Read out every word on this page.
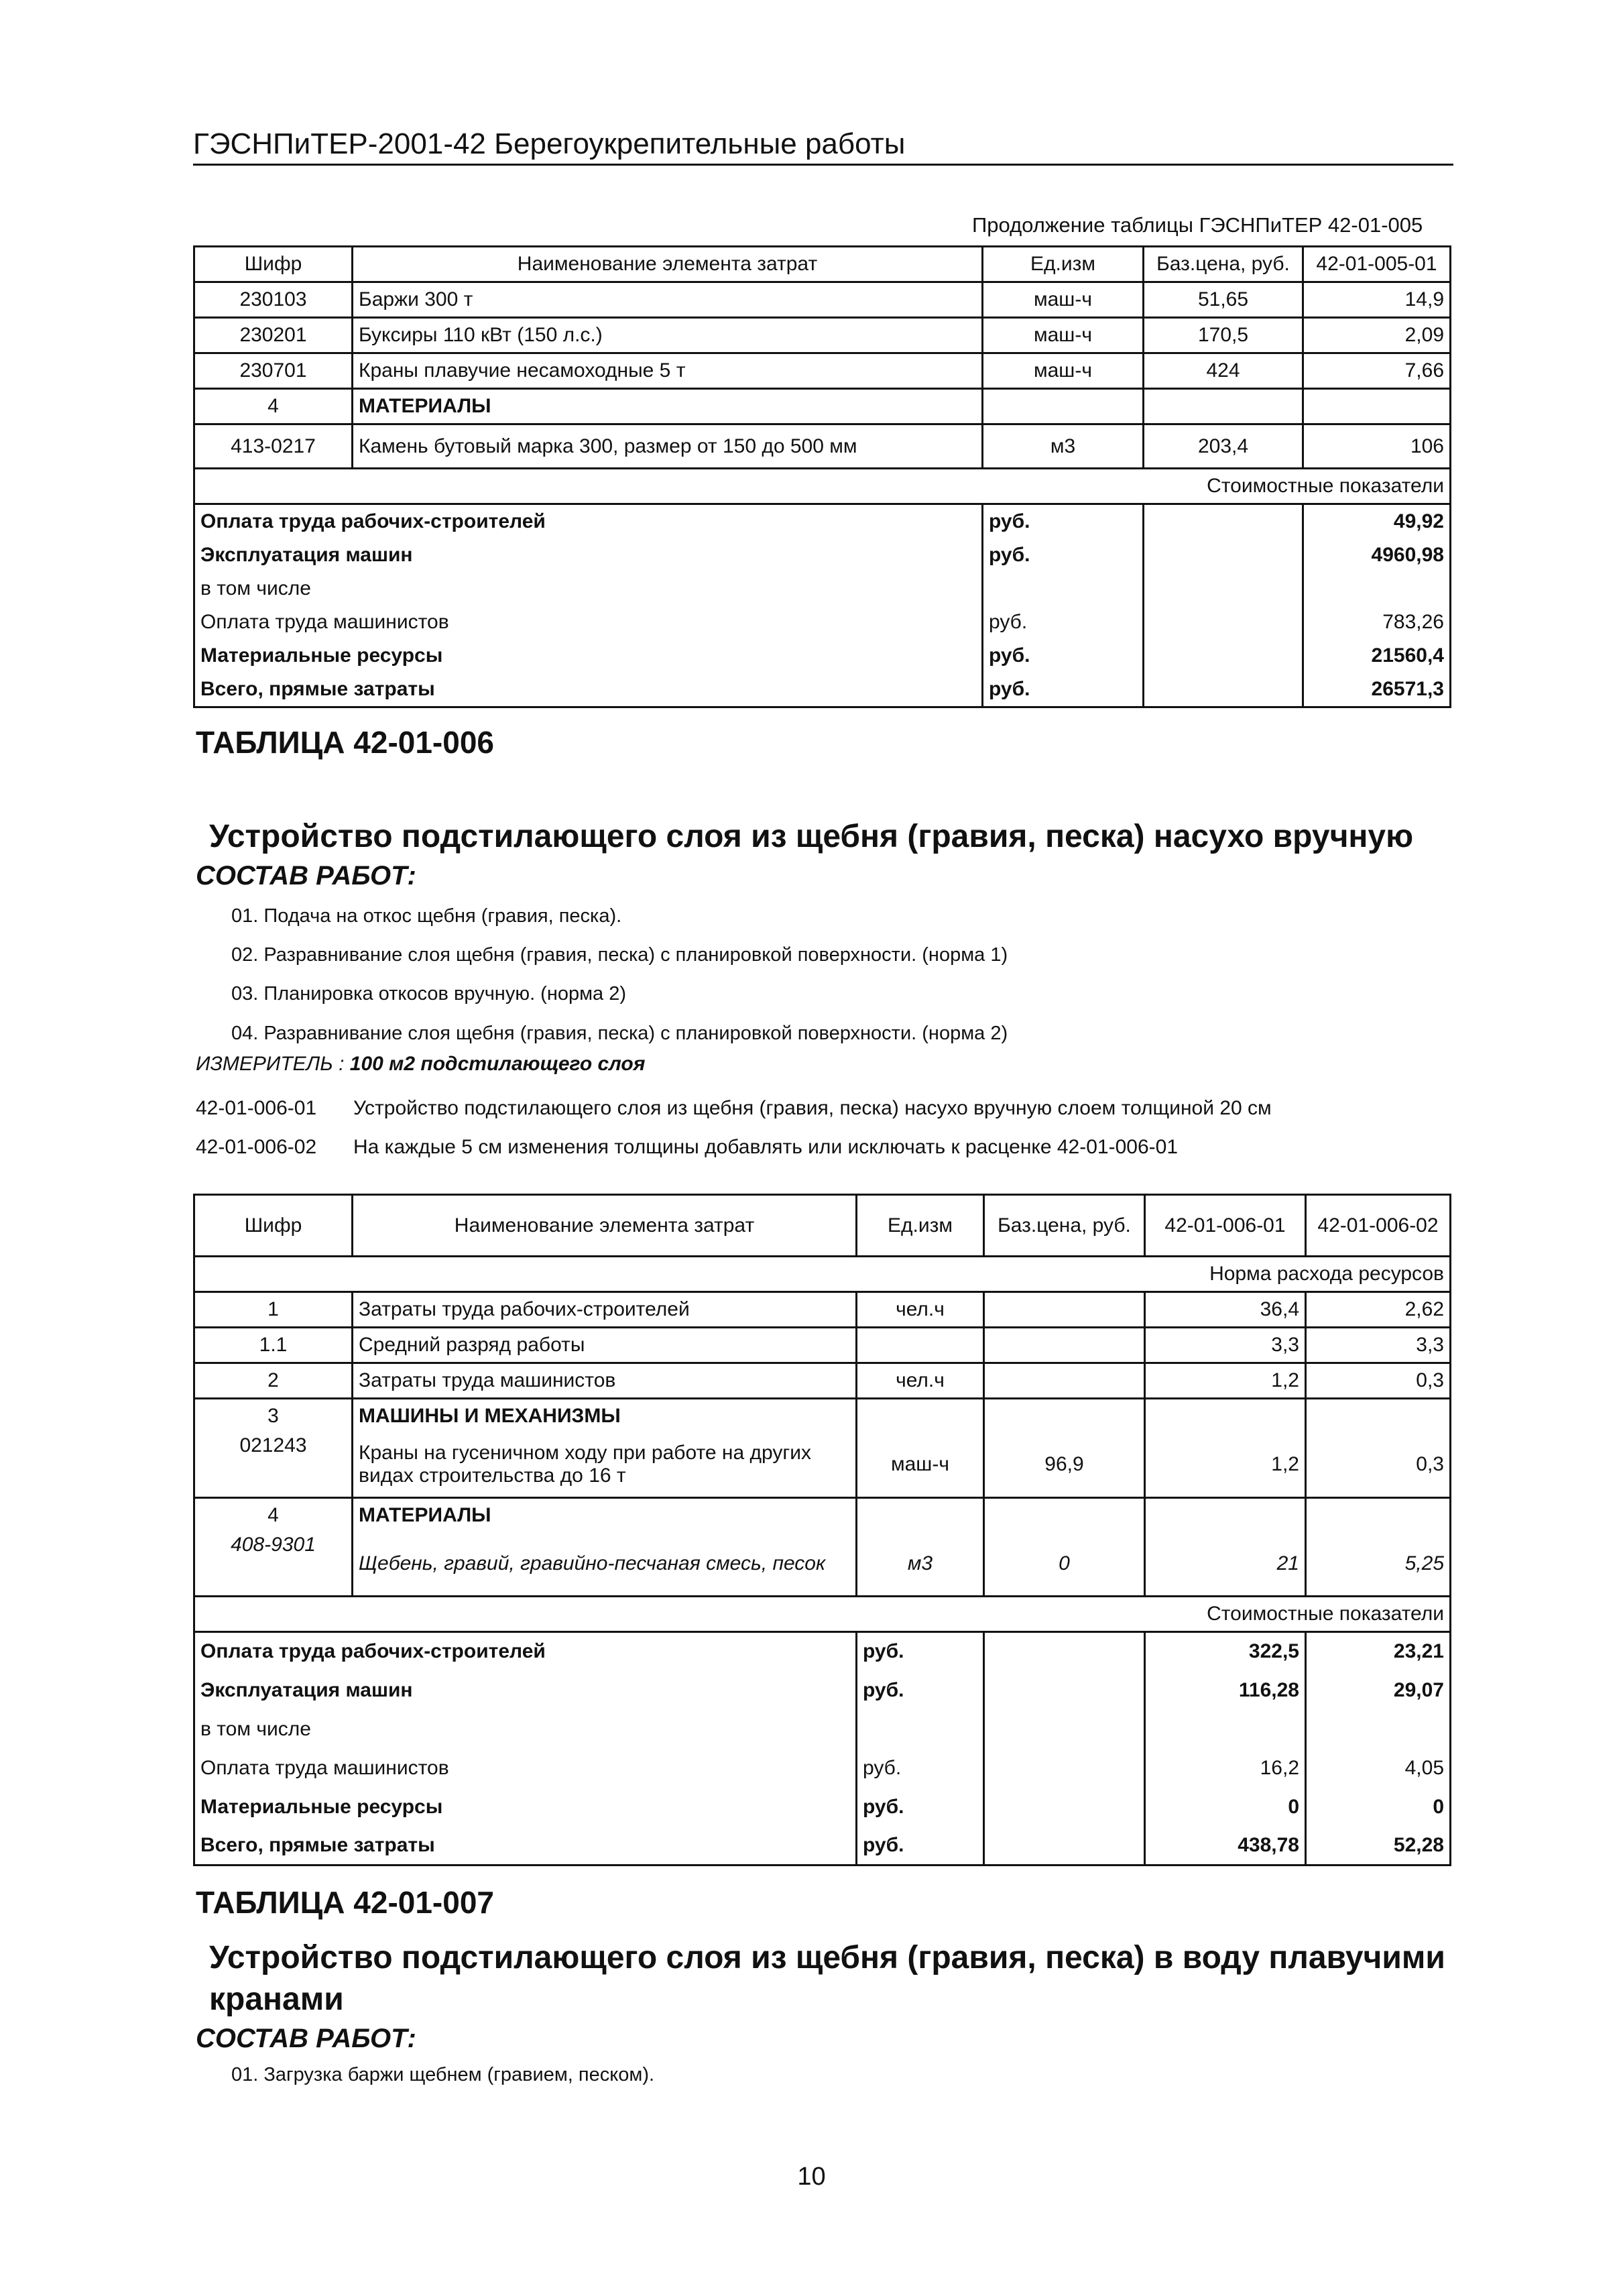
ГЭСНПиТЕР-2001-42 Берегоукрепительные работы
Продолжение таблицы ГЭСНПиТЕР 42-01-005
Шифр	Наименование элемента затрат	Ед.изм	Баз.цена, руб.	42-01-005-01
230103	Баржи 300 т	маш-ч	51,65	14,9
230201	Буксиры 110 кВт (150 л.с.)	маш-ч	170,5	2,09
230701	Краны плавучие несамоходные 5 т	маш-ч	424	7,66
4	МАТЕРИАЛЫ			
413-0217	Камень бутовый марка 300, размер от 150 до 500 мм	м3	203,4	106
Стоимостные показатели				
Оплата труда рабочих-строителей		руб.		49,92
Эксплуатация машин		руб.		4960,98
в том числе				
Оплата труда машинистов		руб.		783,26
Материальные ресурсы		руб.		21560,4
Всего, прямые затраты		руб.		26571,3
ТАБЛИЦА 42-01-006
Устройство подстилающего слоя из щебня (гравия, песка) насухо вручную
СОСТАВ РАБОТ:
01. Подача на откос щебня (гравия, песка).
02. Разравнивание слоя щебня (гравия, песка) с планировкой поверхности. (норма 1)
03. Планировка откосов вручную. (норма 2)
04. Разравнивание слоя щебня (гравия, песка) с планировкой поверхности. (норма 2)
ИЗМЕРИТЕЛЬ : 100 м2 подстилающего слоя
42-01-006-01 Устройство подстилающего слоя из щебня (гравия, песка) насухо вручную слоем толщиной 20 см
42-01-006-02 На каждые 5 см изменения толщины добавлять или исключать к расценке 42-01-006-01
Шифр	Наименование элемента затрат	Ед.изм	Баз.цена, руб.	42-01-006-01	42-01-006-02
Норма расхода ресурсов					
1	Затраты труда рабочих-строителей	чел.ч		36,4	2,62
1.1	Средний разряд работы			3,3	3,3
2	Затраты труда машинистов	чел.ч		1,2	0,3
3	МАШИНЫ И МЕХАНИЗМЫ				
021243	Краны на гусеничном ходу при работе на других видах строительства до 16 т	маш-ч	96,9	1,2	0,3
4	МАТЕРИАЛЫ				
408-9301	Щебень, гравий, гравийно-песчаная смесь, песок	м3	0	21	5,25
Стоимостные показатели					
Оплата труда рабочих-строителей		руб.		322,5	23,21
Эксплуатация машин		руб.		116,28	29,07
в том числе					
Оплата труда машинистов		руб.		16,2	4,05
Материальные ресурсы		руб.		0	0
Всего, прямые затраты		руб.		438,78	52,28
ТАБЛИЦА 42-01-007
Устройство подстилающего слоя из щебня (гравия, песка) в воду плавучими
кранами
СОСТАВ РАБОТ:
01. Загрузка баржи щебнем (гравием, песком).
10
